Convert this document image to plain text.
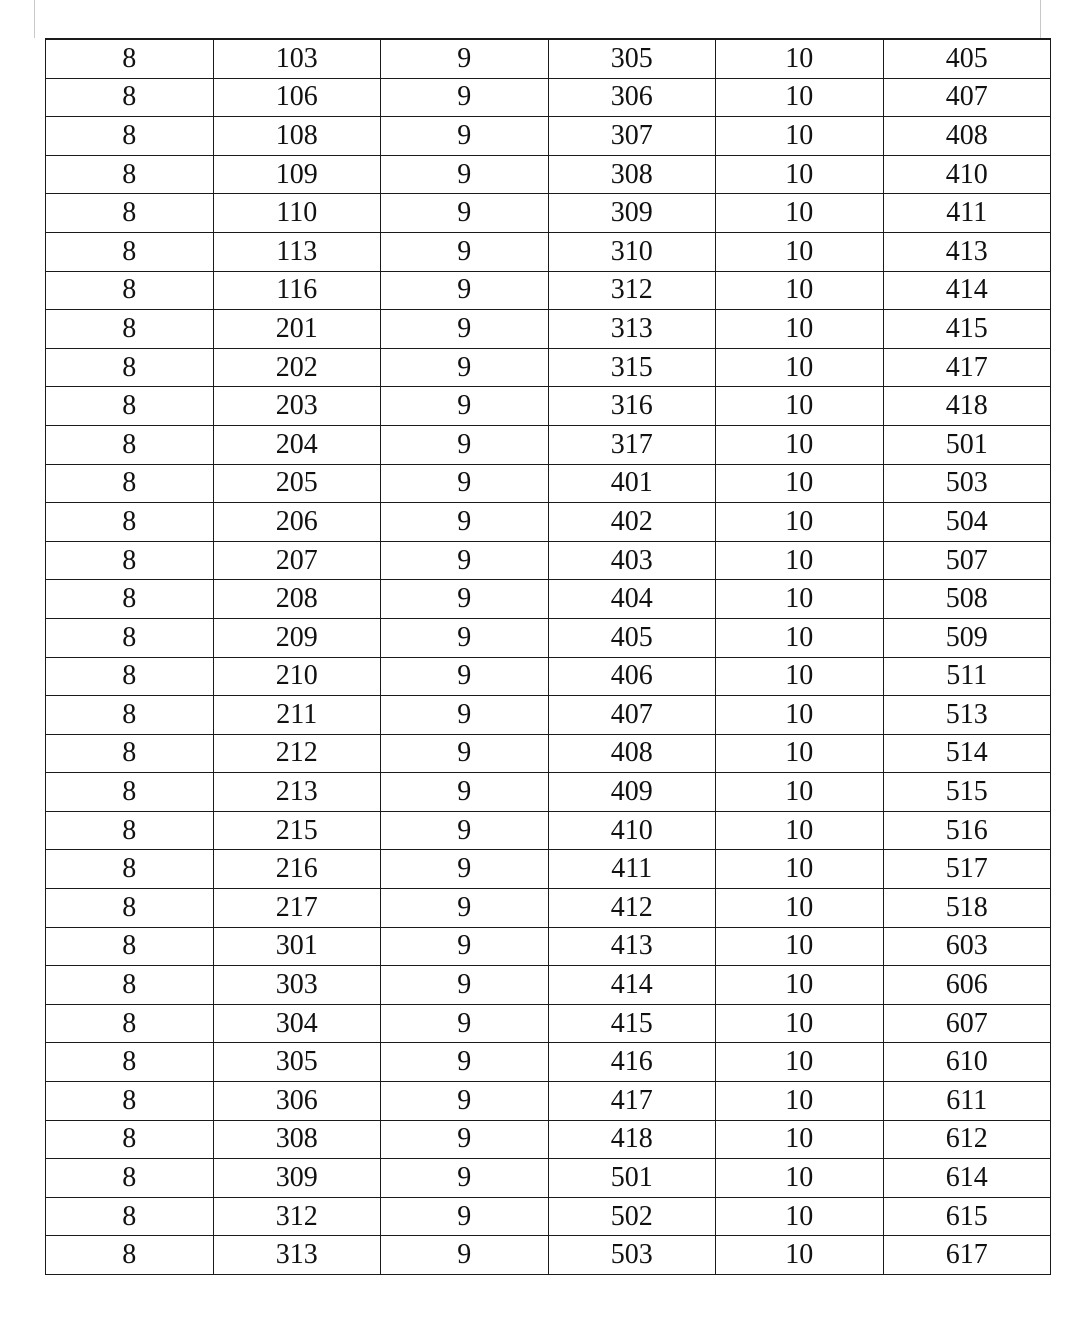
8	103	9	305	10	405
8	106	9	306	10	407
8	108	9	307	10	408
8	109	9	308	10	410
8	110	9	309	10	411
8	113	9	310	10	413
8	116	9	312	10	414
8	201	9	313	10	415
8	202	9	315	10	417
8	203	9	316	10	418
8	204	9	317	10	501
8	205	9	401	10	503
8	206	9	402	10	504
8	207	9	403	10	507
8	208	9	404	10	508
8	209	9	405	10	509
8	210	9	406	10	511
8	211	9	407	10	513
8	212	9	408	10	514
8	213	9	409	10	515
8	215	9	410	10	516
8	216	9	411	10	517
8	217	9	412	10	518
8	301	9	413	10	603
8	303	9	414	10	606
8	304	9	415	10	607
8	305	9	416	10	610
8	306	9	417	10	611
8	308	9	418	10	612
8	309	9	501	10	614
8	312	9	502	10	615
8	313	9	503	10	617
